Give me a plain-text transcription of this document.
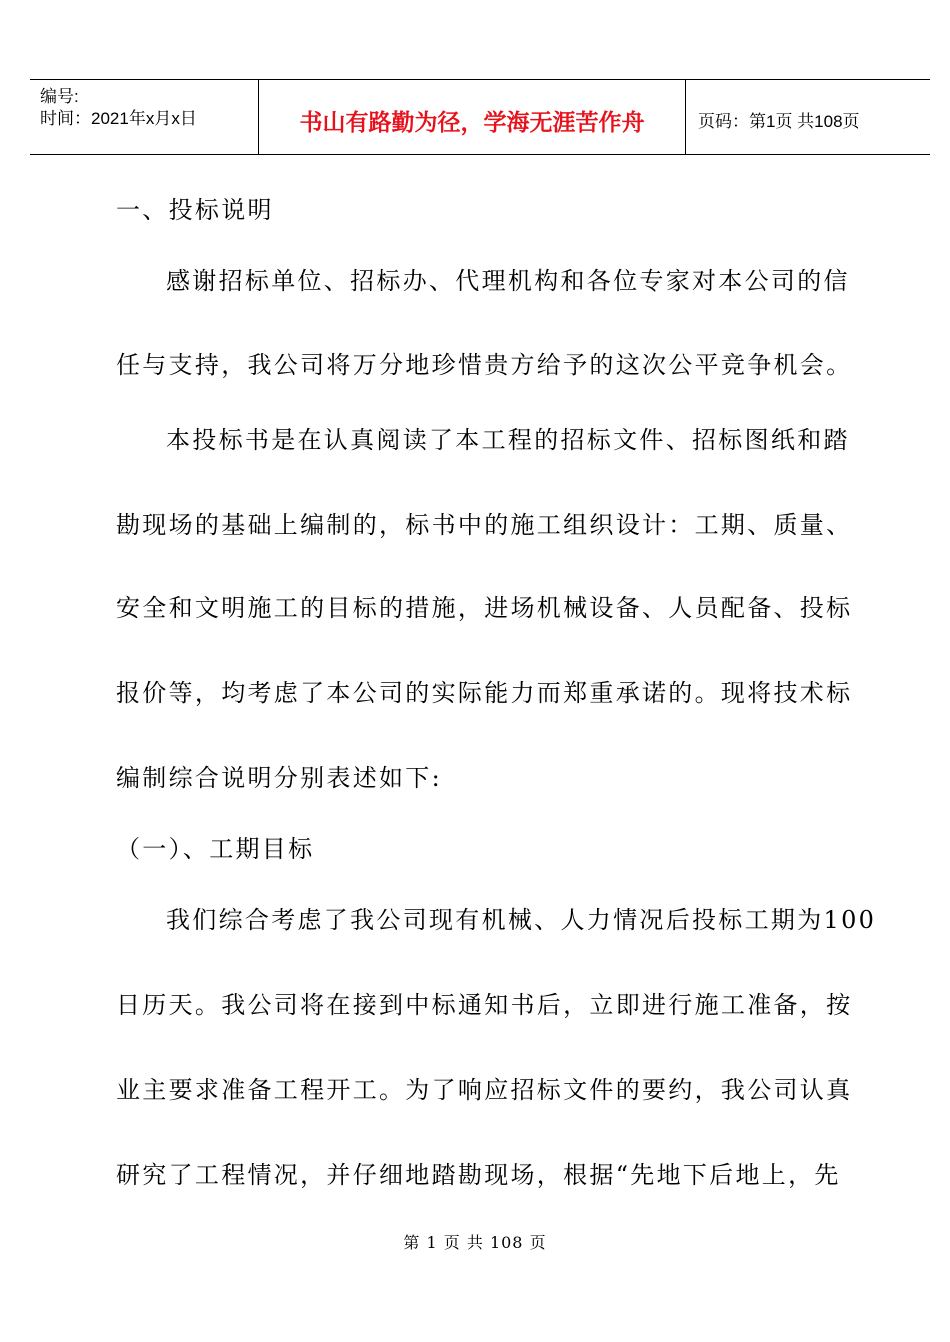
编号:
时间：2021年x月x日	书山有路勤为径，学海无涯苦作舟	页码：第1页 共108页
一、投标说明
感谢招标单位、招标办、代理机构和各位专家对本公司的信
任与支持，我公司将万分地珍惜贵方给予的这次公平竞争机会。
本投标书是在认真阅读了本工程的招标文件、招标图纸和踏
勘现场的基础上编制的，标书中的施工组织设计：工期、质量、
安全和文明施工的目标的措施，进场机械设备、人员配备、投标
报价等，均考虑了本公司的实际能力而郑重承诺的。现将技术标
编制综合说明分别表述如下:
（一）、工期目标
我们综合考虑了我公司现有机械、人力情况后投标工期为100
日历天。我公司将在接到中标通知书后，立即进行施工准备，按
业主要求准备工程开工。为了响应招标文件的要约，我公司认真
研究了工程情况，并仔细地踏勘现场，根据“先地下后地上，先
第 1 页 共 108 页
